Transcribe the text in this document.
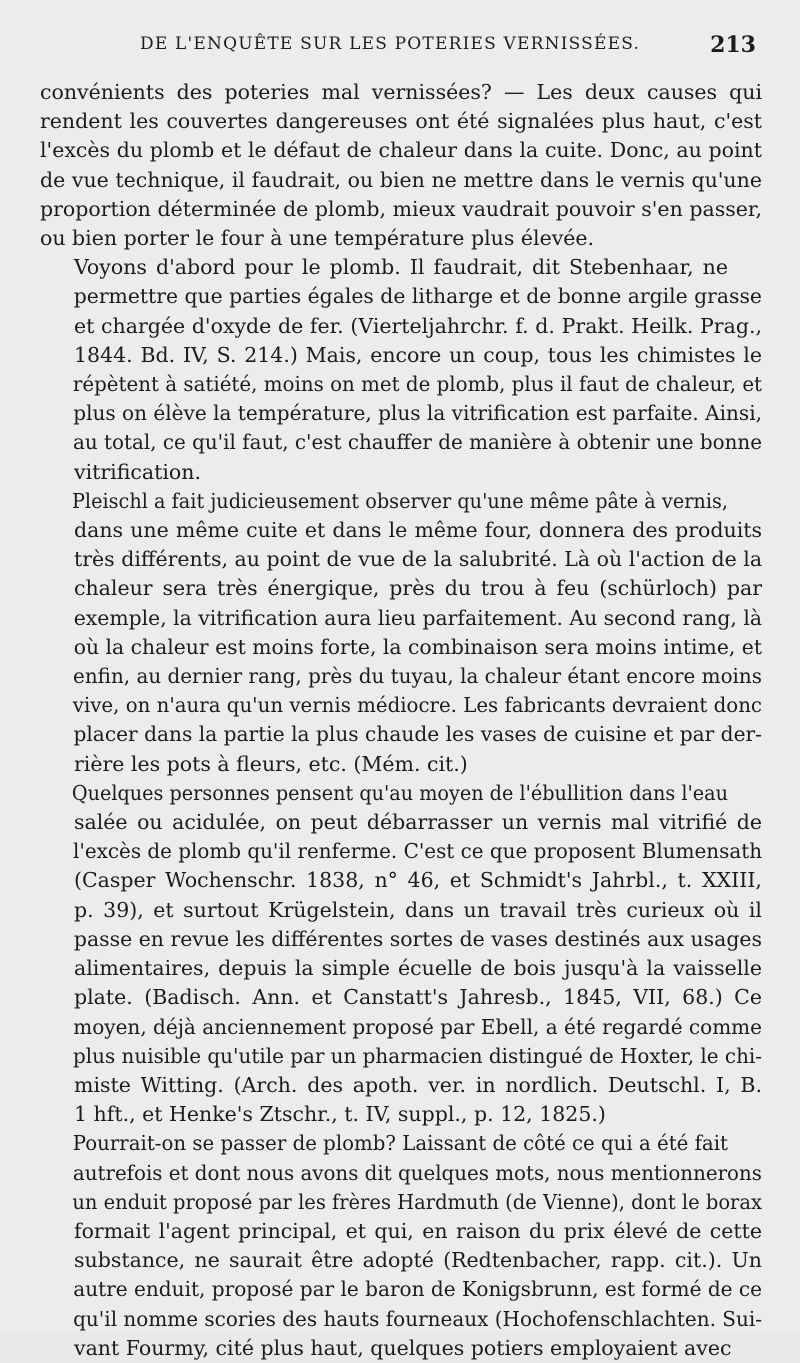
DE L'ENQUÊTE SUR LES POTERIES VERNISSÉES.	213

convénients des poteries mal vernissées? — Les deux causes qui
rendent les couvertes dangereuses ont été signalées plus haut, c'est
l'excès du plomb et le défaut de chaleur dans la cuite. Donc, au point
de vue technique, il faudrait, ou bien ne mettre dans le vernis qu'une
proportion déterminée de plomb, mieux vaudrait pouvoir s'en passer,
ou bien porter le four à une température plus élevée.

Voyons d'abord pour le plomb. Il faudrait, dit Stebenhaar, ne
permettre que parties égales de litharge et de bonne argile grasse
et chargée d'oxyde de fer. (Vierteljahrchr. f. d. Prakt. Heilk. Prag.,
1844. Bd. IV, S. 214.) Mais, encore un coup, tous les chimistes le
répètent à satiété, moins on met de plomb, plus il faut de chaleur, et
plus on élève la température, plus la vitrification est parfaite. Ainsi,
au total, ce qu'il faut, c'est chauffer de manière à obtenir une bonne
vitrification.

Pleischl a fait judicieusement observer qu'une même pâte à vernis,
dans une même cuite et dans le même four, donnera des produits
très différents, au point de vue de la salubrité. Là où l'action de la
chaleur sera très énergique, près du trou à feu (schürloch) par
exemple, la vitrification aura lieu parfaitement. Au second rang, là
où la chaleur est moins forte, la combinaison sera moins intime, et
enfin, au dernier rang, près du tuyau, la chaleur étant encore moins
vive, on n'aura qu'un vernis médiocre. Les fabricants devraient donc
placer dans la partie la plus chaude les vases de cuisine et par der-
rière les pots à fleurs, etc. (Mém. cit.)

Quelques personnes pensent qu'au moyen de l'ébullition dans l'eau
salée ou acidulée, on peut débarrasser un vernis mal vitrifié de
l'excès de plomb qu'il renferme. C'est ce que proposent Blumensath
(Casper Wochenschr. 1838, n° 46, et Schmidt's Jahrbl., t. XXIII,
p. 39), et surtout Krügelstein, dans un travail très curieux où il
passe en revue les différentes sortes de vases destinés aux usages
alimentaires, depuis la simple écuelle de bois jusqu'à la vaisselle
plate. (Badisch. Ann. et Canstatt's Jahresb., 1845, VII, 68.) Ce
moyen, déjà anciennement proposé par Ebell, a été regardé comme
plus nuisible qu'utile par un pharmacien distingué de Hoxter, le chi-
miste Witting. (Arch. des apoth. ver. in nordlich. Deutschl. I, B.
1 hft., et Henke's Ztschr., t. IV, suppl., p. 12, 1825.)

Pourrait-on se passer de plomb? Laissant de côté ce qui a été fait
autrefois et dont nous avons dit quelques mots, nous mentionnerons
un enduit proposé par les frères Hardmuth (de Vienne), dont le borax
formait l'agent principal, et qui, en raison du prix élevé de cette
substance, ne saurait être adopté (Redtenbacher, rapp. cit.). Un
autre enduit, proposé par le baron de Konigsbrunn, est formé de ce
qu'il nomme scories des hauts fourneaux (Hochofenschlachten. Sui-
vant Fourmy, cité plus haut, quelques potiers employaient avec
